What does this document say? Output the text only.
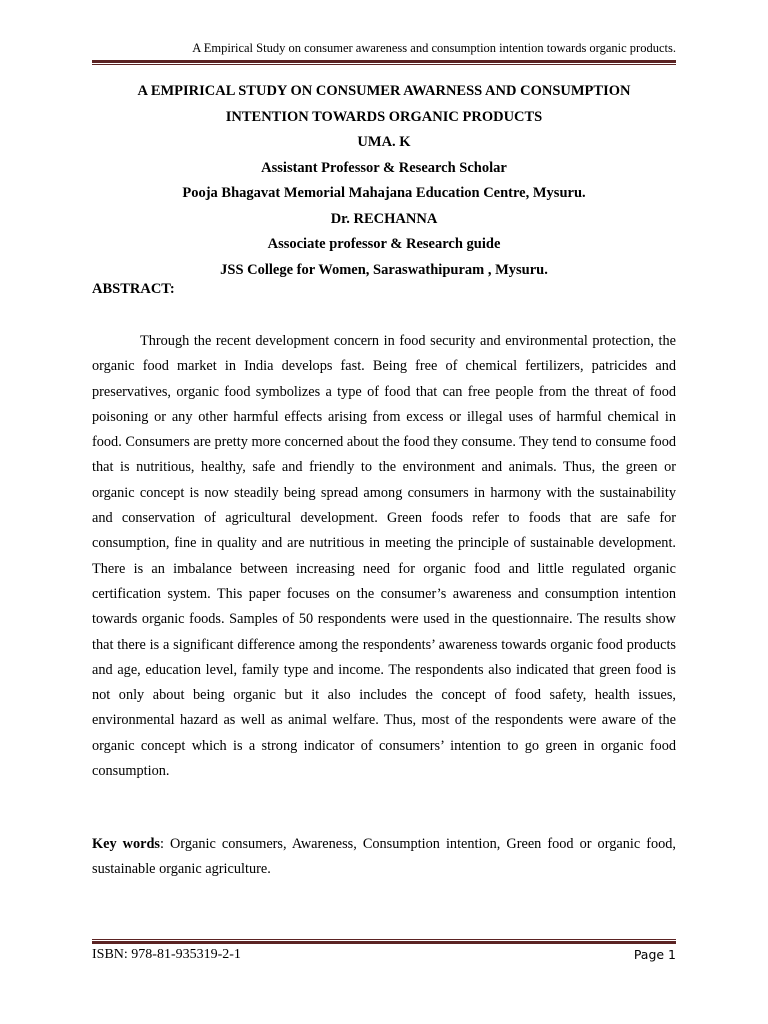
A Empirical Study on consumer awareness and consumption intention towards organic products.
A EMPIRICAL STUDY ON CONSUMER AWARNESS AND CONSUMPTION
INTENTION TOWARDS ORGANIC PRODUCTS
UMA. K
Assistant Professor & Research Scholar
Pooja Bhagavat Memorial Mahajana Education Centre, Mysuru.
Dr. RECHANNA
Associate professor & Research guide
JSS College for Women, Saraswathipuram , Mysuru.
ABSTRACT:

Through the recent development concern in food security and environmental protection, the organic food market in India develops fast. Being free of chemical fertilizers, patricides and preservatives, organic food symbolizes a type of food that can free people from the threat of food poisoning or any other harmful effects arising from excess or illegal uses of harmful chemical in food. Consumers are pretty more concerned about the food they consume. They tend to consume food that is nutritious, healthy, safe and friendly to the environment and animals. Thus, the green or organic concept is now steadily being spread among consumers in harmony with the sustainability and conservation of agricultural development. Green foods refer to foods that are safe for consumption, fine in quality and are nutritious in meeting the principle of sustainable development. There is an imbalance between increasing need for organic food and little regulated organic certification system. This paper focuses on the consumer’s awareness and consumption intention towards organic foods. Samples of 50 respondents were used in the questionnaire. The results show that there is a significant difference among the respondents’ awareness towards organic food products and age, education level, family type and income. The respondents also indicated that green food is not only about being organic but it also includes the concept of food safety, health issues, environmental hazard as well as animal welfare. Thus, most of the respondents were aware of the organic concept which is a strong indicator of consumers’ intention to go green in organic food consumption.

Key words: Organic consumers, Awareness, Consumption intention, Green food or organic food, sustainable organic agriculture.

ISBN: 978-81-935319-2-1	Page 1
